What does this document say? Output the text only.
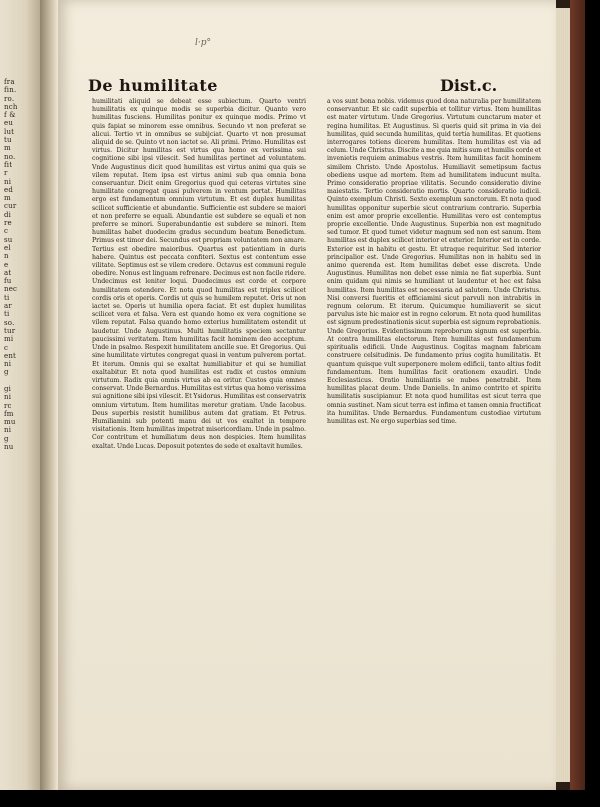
fra
fin.
ro.
nch
f &
eu
lut
tu
m
no.
fit
r
ni
ed
m
cur
di
re
c
su
el
n
e
at
fu
nec
ti
ar
ti
so.
tur
mi
c
ent
ni
g

gi
ni
rc
fm
mu
ni
g
nu
l·p°
De humilitate	Dist.c.

humilitati aliquid se debeat esse subiectum. Quarto ventri humilitatis ex quinque modis se superbia dicitur. Quanto vero humilitas fusciens. Humilitas ponitur ex quinque modis. Primo vt quis fapiat se minorem esse omnibus. Secundo vt non preferat se alicui. Tertio vt in omnibus se subijciat. Quarto vt non presumat aliquid de se. Quinto vt non iactet se. Ali primi. Primo. Humilitas est virtus. Dicitur humilitas est virtus qua homo ex verissima sui cognitione sibi ipsi vilescit. Sed humilitas pertinet ad voluntatem. Vnde Augustinus dicit quod humilitas est virtus animi qua quis se vilem reputat. Item ipsa est virtus animi sub qua omnia bona conseruantur. Dicit enim Gregorius quod qui ceteras virtutes sine humilitate congregat quasi pulverem in ventum portat. Humilitas ergo est fundamentum omnium virtutum. Et est duplex humilitas scilicet sufficientie et abundantie. Sufficientie est subdere se maiori et non preferre se equali. Abundantie est subdere se equali et non preferre se minori. Superabundantie est subdere se minori. Item humilitas habet duodecim gradus secundum beatum Benedictum. Primus est timor dei. Secundus est propriam voluntatem non amare. Tertius est obedire maioribus. Quartus est patientiam in duris habere. Quintus est peccata confiteri. Sextus est contentum esse vilitate. Septimus est se vilem credere. Octavus est communi regule obedire. Nonus est linguam refrenare. Decimus est non facile ridere. Undecimus est leniter loqui. Duodecimus est corde et corpore humilitatem ostendere. Et nota quod humilitas est triplex scilicet cordis oris et operis. Cordis ut quis se humilem reputet. Oris ut non iactet se. Operis ut humilia opera faciat. Et est duplex humilitas scilicet vera et falsa. Vera est quando homo ex vera cognitione se vilem reputat. Falsa quando homo exterius humilitatem ostendit ut laudetur. Unde Augustinus. Multi humilitatis speciem sectantur paucissimi veritatem. Item humilitas facit hominem deo acceptum. Unde in psalmo. Respexit humilitatem ancille sue. Et Gregorius. Qui sine humilitate virtutes congregat quasi in ventum pulverem portat. Et iterum. Omnis qui se exaltat humiliabitur et qui se humiliat exaltabitur. Et nota quod humilitas est radix et custos omnium virtutum. Radix quia omnis virtus ab ea oritur. Custos quia omnes conservat. Unde Bernardus. Humilitas est virtus qua homo verissima sui agnitione sibi ipsi vilescit. Et Ysidorus. Humilitas est conservatrix omnium virtutum. Item humilitas meretur gratiam. Unde Iacobus. Deus superbis resistit humilibus autem dat gratiam. Et Petrus. Humiliamini sub potenti manu dei ut vos exaltet in tempore visitationis. Item humilitas impetrat misericordiam. Unde in psalmo. Cor contritum et humiliatum deus non despicies. Item humilitas exaltat. Unde Lucas. Deposuit potentes de sede et exaltavit humiles.

a vos sunt bona nobis. videmus quod dona naturalia per humilitatem conservantur. Et sic cadit superbia et tollitur virtus. Item humilitas est mater virtutum. Unde Gregorius. Virtutum cunctarum mater et regina humilitas. Et Augustinus. Si queris quid sit prima in via dei humilitas, quid secunda humilitas, quid tertia humilitas. Et quotiens interrogares totiens dicerem humilitas. Item humilitas est via ad celum. Unde Christus. Discite a me quia mitis sum et humilis corde et invenietis requiem animabus vestris. Item humilitas facit hominem similem Christo. Unde Apostolus. Humiliavit semetipsum factus obediens usque ad mortem. Item ad humilitatem inducunt multa. Primo consideratio propriae vilitatis. Secundo consideratio divine maiestatis. Tertio consideratio mortis. Quarto consideratio iudicii. Quinto exemplum Christi. Sexto exemplum sanctorum. Et nota quod humilitas opponitur superbie sicut contrarium contrario. Superbia enim est amor proprie excellentie. Humilitas vero est contemptus proprie excellentie. Unde Augustinus. Superbia non est magnitudo sed tumor. Et quod tumet videtur magnum sed non est sanum. Item humilitas est duplex scilicet interior et exterior. Interior est in corde. Exterior est in habitu et gestu. Et utraque requiritur. Sed interior principalior est. Unde Gregorius. Humilitas non in habitu sed in animo querenda est. Item humilitas debet esse discreta. Unde Augustinus. Humilitas non debet esse nimia ne fiat superbia. Sunt enim quidam qui nimis se humiliant ut laudentur et hec est falsa humilitas. Item humilitas est necessaria ad salutem. Unde Christus. Nisi conversi fueritis et efficiamini sicut parvuli non intrabitis in regnum celorum. Et iterum. Quicumque humiliaverit se sicut parvulus iste hic maior est in regno celorum. Et nota quod humilitas est signum predestinationis sicut superbia est signum reprobationis. Unde Gregorius. Evidentissimum reproborum signum est superbia. At contra humilitas electorum. Item humilitas est fundamentum spiritualis edificii. Unde Augustinus. Cogitas magnam fabricam construere celsitudinis. De fundamento prius cogita humilitatis. Et quantum quisque vult superponere molem edificii, tanto altius fodit fundamentum. Item humilitas facit orationem exaudiri. Unde Ecclesiasticus. Oratio humiliantis se nubes penetrabit. Item humilitas placat deum. Unde Danielis. In animo contrito et spiritu humilitatis suscipiamur. Et nota quod humilitas est sicut terra que omnia sustinet. Nam sicut terra est infima et tamen omnia fructificat ita humilitas. Unde Bernardus. Fundamentum custodiae virtutum humilitas est. Ne ergo superbias sed time.
